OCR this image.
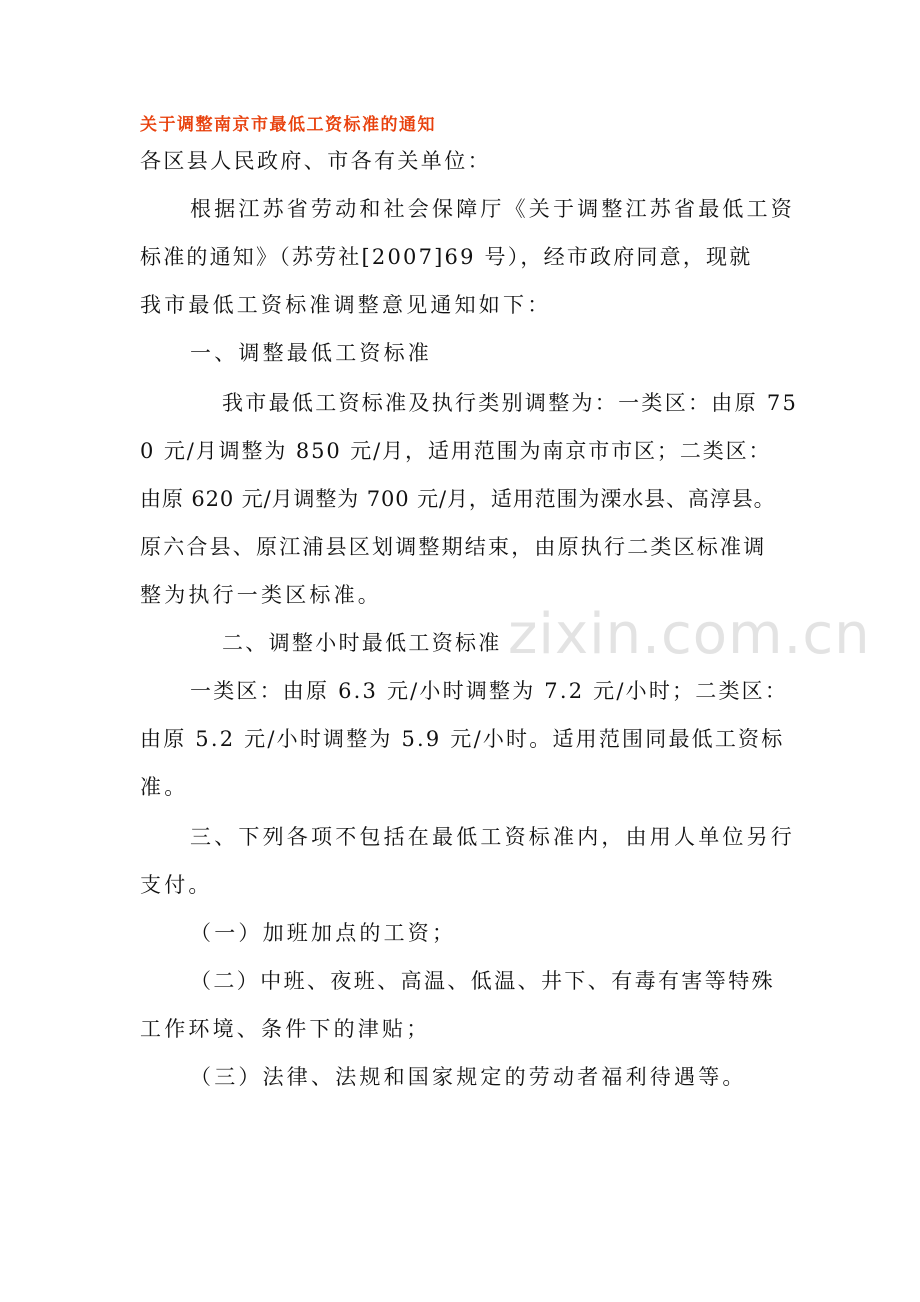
zixin.com.cn
关于调整南京市最低工资标准的通知
各区县人民政府、市各有关单位：
根据江苏省劳动和社会保障厅《关于调整江苏省最低工资
标准的通知》（苏劳社[2007]69 号），经市政府同意，现就
我市最低工资标准调整意见通知如下：
一、调整最低工资标准
我市最低工资标准及执行类别调整为：一类区：由原 75
0 元/月调整为 850 元/月，适用范围为南京市市区；二类区：
由原 620 元/月调整为 700 元/月，适用范围为溧水县、高淳县。
原六合县、原江浦县区划调整期结束，由原执行二类区标准调
整为执行一类区标准。
二、调整小时最低工资标准
一类区：由原 6.3 元/小时调整为 7.2 元/小时；二类区：
由原 5.2 元/小时调整为 5.9 元/小时。适用范围同最低工资标
准。
三、下列各项不包括在最低工资标准内，由用人单位另行
支付。
（一）加班加点的工资；
（二）中班、夜班、高温、低温、井下、有毒有害等特殊
工作环境、条件下的津贴；
（三）法律、法规和国家规定的劳动者福利待遇等。
